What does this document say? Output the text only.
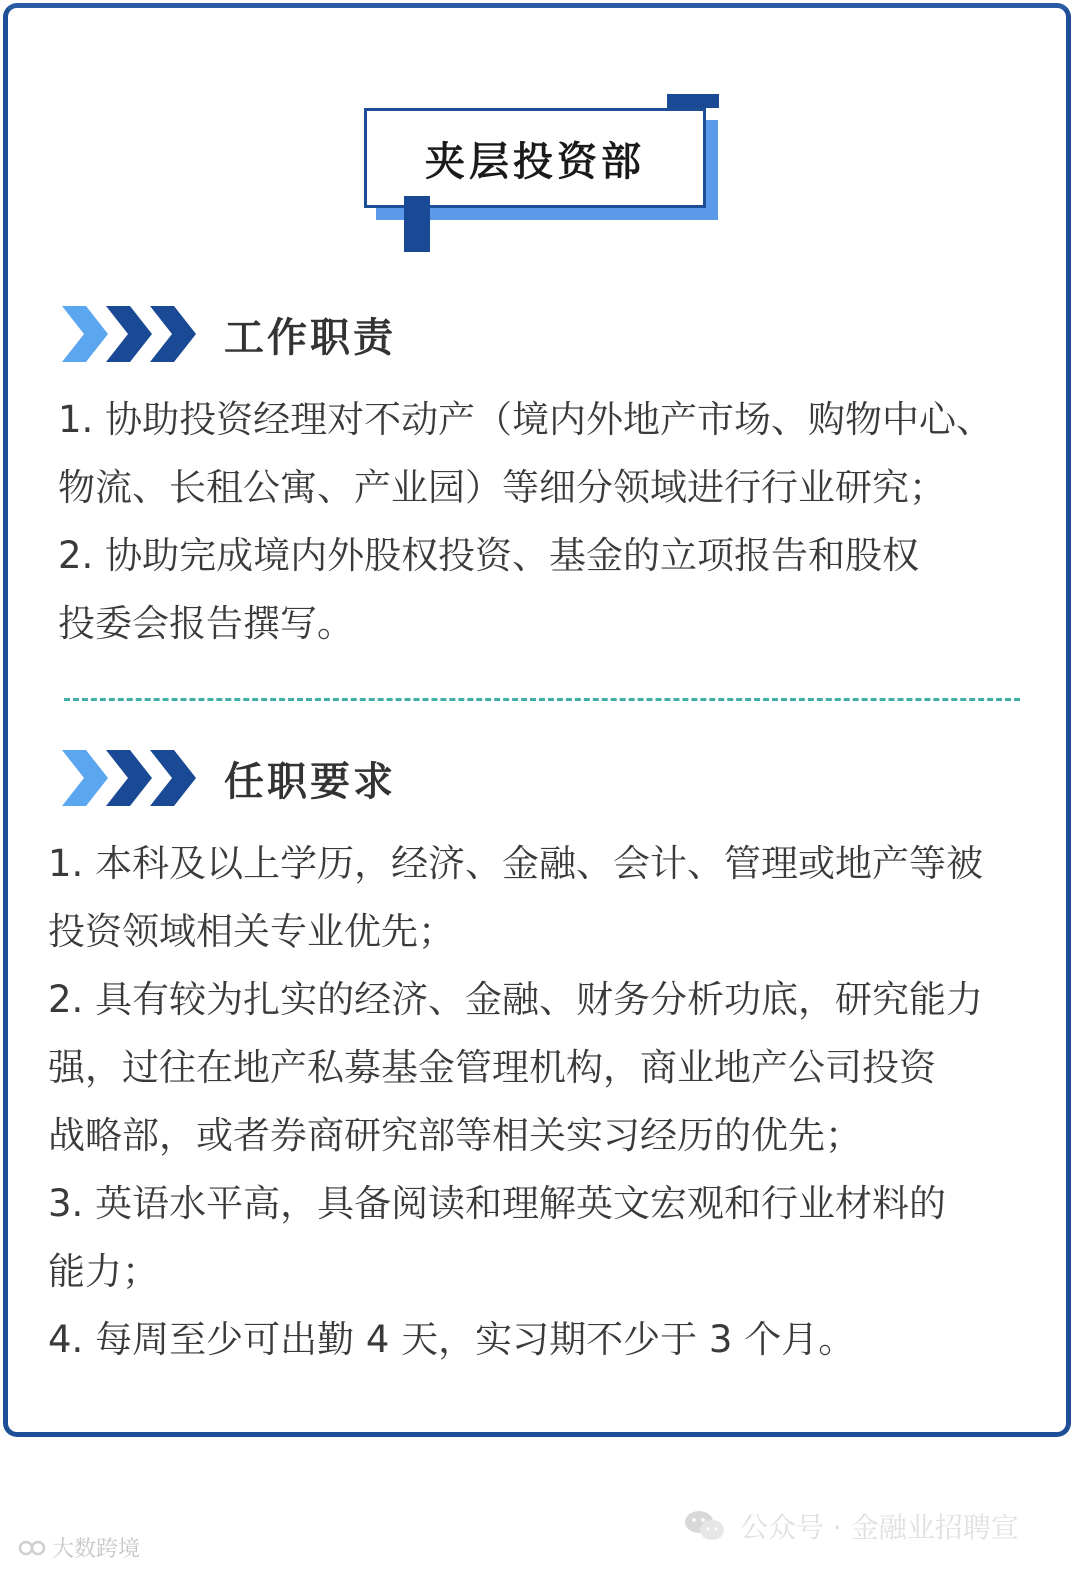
夹层投资部
工作职责

1. 协助投资经理对不动产（境内外地产市场、购物中心、

物流、长租公寓、产业园）等细分领域进行行业研究；

2. 协助完成境内外股权投资、基金的立项报告和股权

投委会报告撰写。

任职要求

1. 本科及以上学历，经济、金融、会计、管理或地产等被

投资领域相关专业优先；

2. 具有较为扎实的经济、金融、财务分析功底，研究能力

强，过往在地产私募基金管理机构，商业地产公司投资

战略部，或者券商研究部等相关实习经历的优先；

3. 英语水平高，具备阅读和理解英文宏观和行业材料的

能力；

4. 每周至少可出勤 4 天，实习期不少于 3 个月。

大数跨境
公众号 · 金融业招聘宣
